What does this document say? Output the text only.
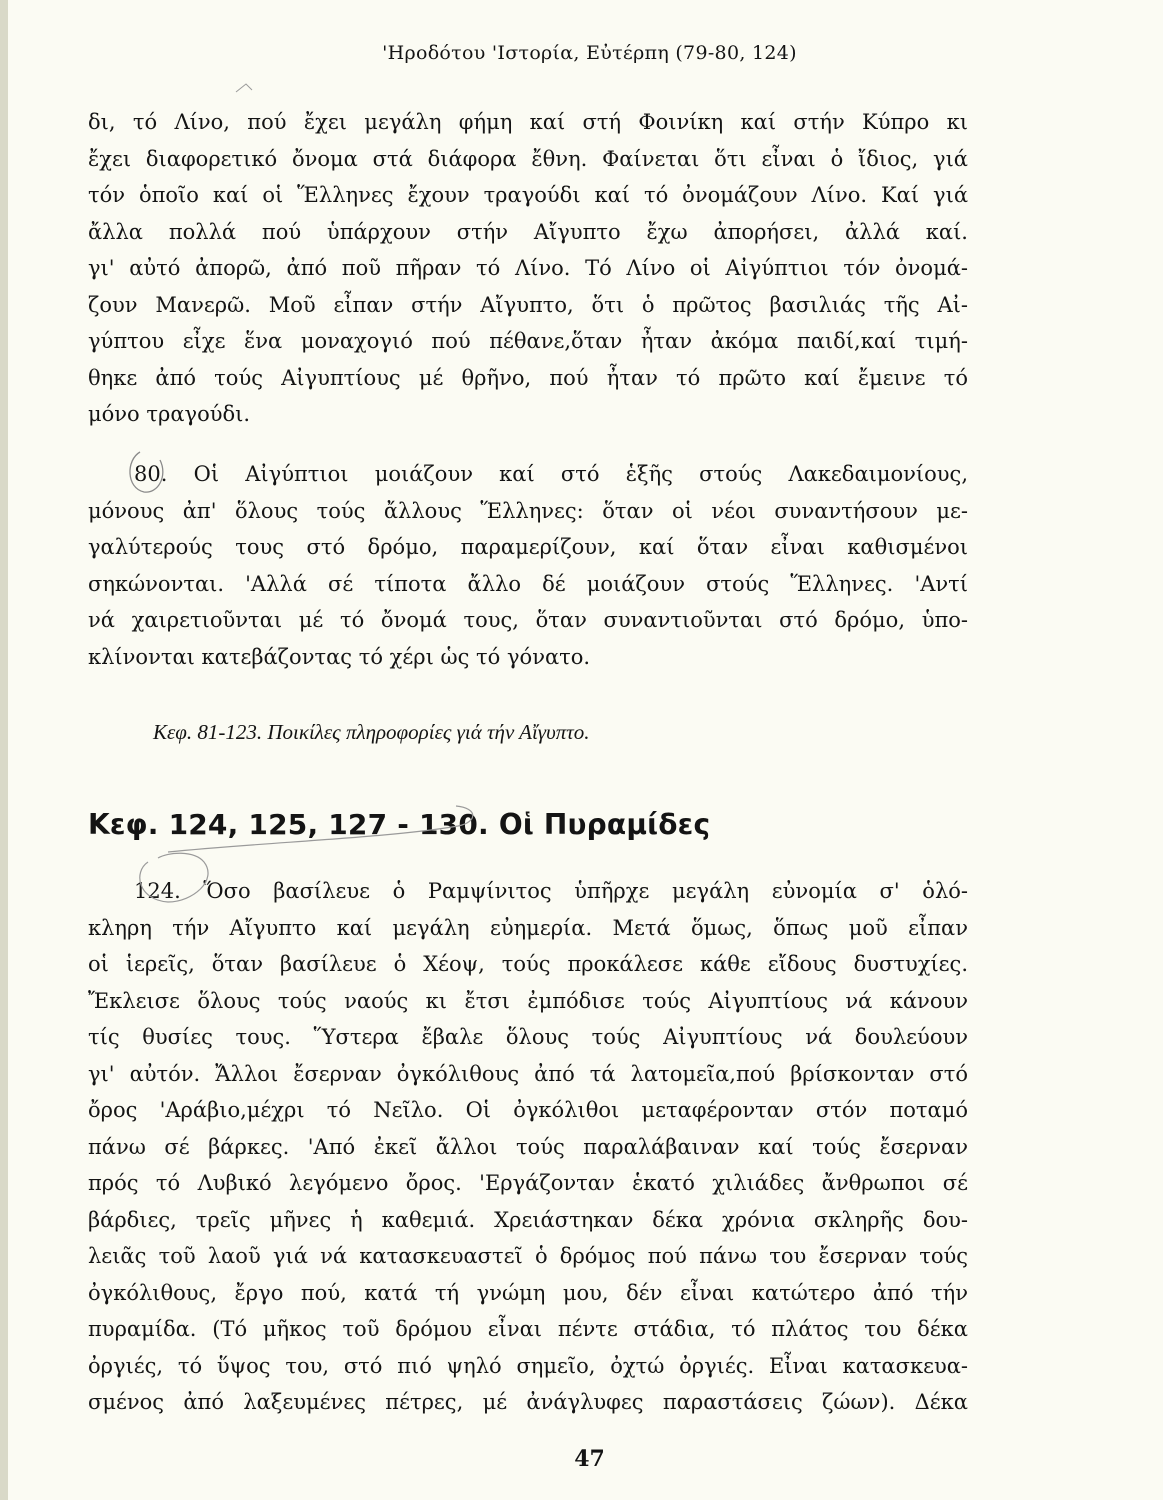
'Ηροδότου 'Ιστορία, Εὐτέρπη (79-80, 124)
δι, τό Λίνο, πού ἔχει μεγάλη φήμη καί στή Φοινίκη καί στήν Κύπρο κι
ἔχει διαφορετικό ὄνομα στά διάφορα ἔθνη. Φαίνεται ὅτι εἶναι ὁ ἴδιος, γιά
τόν ὁποῖο καί οἱ Ἕλληνες ἔχουν τραγούδι καί τό ὀνομάζουν Λίνο. Καί γιά
ἄλλα πολλά πού ὑπάρχουν στήν Αἴγυπτο ἔχω ἀπορήσει, ἀλλά καί.
γι' αὐτό ἀπορῶ, ἀπό ποῦ πῆραν τό Λίνο. Τό Λίνο οἱ Αἰγύπτιοι τόν ὀνομά-
ζουν Μανερῶ. Μοῦ εἶπαν στήν Αἴγυπτο, ὅτι ὁ πρῶτος βασιλιάς τῆς Αἰ-
γύπτου εἶχε ἕνα μοναχογιό πού πέθανε,ὅταν ἦταν ἀκόμα παιδί,καί τιμή-
θηκε ἀπό τούς Αἰγυπτίους μέ θρῆνο, πού ἦταν τό πρῶτο καί ἔμεινε τό
μόνο τραγούδι.
80. Οἱ Αἰγύπτιοι μοιάζουν καί στό ἑξῆς στούς Λακεδαιμονίους,
μόνους ἀπ' ὅλους τούς ἄλλους Ἕλληνες: ὅταν οἱ νέοι συναντήσουν με-
γαλύτερούς τους στό δρόμο, παραμερίζουν, καί ὅταν εἶναι καθισμένοι
σηκώνονται. 'Αλλά σέ τίποτα ἄλλο δέ μοιάζουν στούς Ἕλληνες. 'Αντί
νά χαιρετιοῦνται μέ τό ὄνομά τους, ὅταν συναντιοῦνται στό δρόμο, ὑπο-
κλίνονται κατεβάζοντας τό χέρι ὡς τό γόνατο.
Κεφ. 81-123. Ποικίλες πληροφορίες γιά τήν Αἴγυπτο.
Κεφ. 124, 125, 127 - 130. Οἱ Πυραμίδες
124. Ὅσο βασίλευε ὁ Ραμψίνιτος ὑπῆρχε μεγάλη εὐνομία σ' ὁλό-
κληρη τήν Αἴγυπτο καί μεγάλη εὐημερία. Μετά ὅμως, ὅπως μοῦ εἶπαν
οἱ ἱερεῖς, ὅταν βασίλευε ὁ Χέοψ, τούς προκάλεσε κάθε εἴδους δυστυχίες.
Ἔκλεισε ὅλους τούς ναούς κι ἔτσι ἐμπόδισε τούς Αἰγυπτίους νά κάνουν
τίς θυσίες τους. Ὕστερα ἔβαλε ὅλους τούς Αἰγυπτίους νά δουλεύουν
γι' αὐτόν. Ἄλλοι ἔσερναν ὀγκόλιθους ἀπό τά λατομεῖα,πού βρίσκονταν στό
ὄρος 'Αράβιο,μέχρι τό Νεῖλο. Οἱ ὀγκόλιθοι μεταφέρονταν στόν ποταμό
πάνω σέ βάρκες. 'Από ἐκεῖ ἄλλοι τούς παραλάβαιναν καί τούς ἔσερναν
πρός τό Λυβικό λεγόμενο ὄρος. 'Εργάζονταν ἑκατό χιλιάδες ἄνθρωποι σέ
βάρδιες, τρεῖς μῆνες ἡ καθεμιά. Χρειάστηκαν δέκα χρόνια σκληρῆς δου-
λειᾶς τοῦ λαοῦ γιά νά κατασκευαστεῖ ὁ δρόμος πού πάνω του ἔσερναν τούς
ὀγκόλιθους, ἔργο πού, κατά τή γνώμη μου, δέν εἶναι κατώτερο ἀπό τήν
πυραμίδα. (Τό μῆκος τοῦ δρόμου εἶναι πέντε στάδια, τό πλάτος του δέκα
ὀργιές, τό ὕψος του, στό πιό ψηλό σημεῖο, ὀχτώ ὀργιές. Εἶναι κατασκευα-
σμένος ἀπό λαξευμένες πέτρες, μέ ἀνάγλυφες παραστάσεις ζώων). Δέκα
47
